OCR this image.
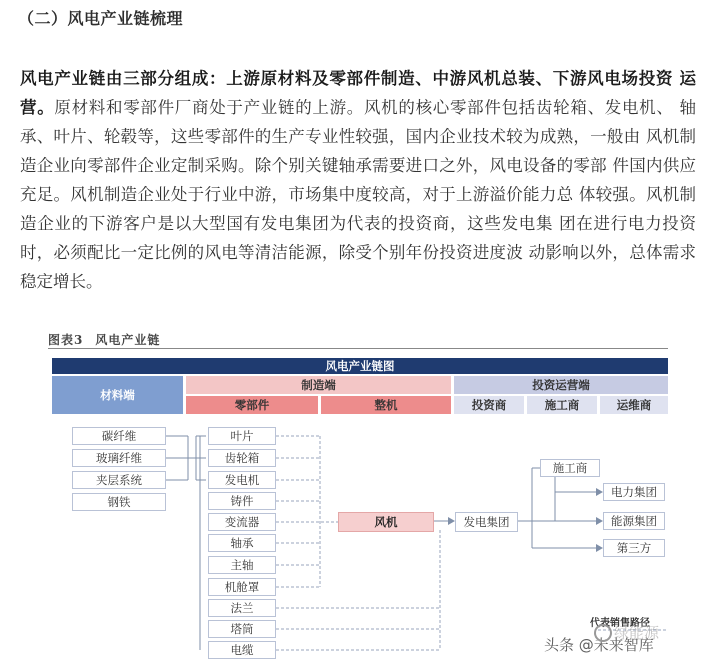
（二）风电产业链梳理
风电产业链由三部分组成：上游原材料及零部件制造、中游风机总装、下游风电场投资 运营。原材料和零部件厂商处于产业链的上游。风机的核心零部件包括齿轮箱、发电机、 轴承、叶片、轮毂等，这些零部件的生产专业性较强，国内企业技术较为成熟，一般由 风机制造企业向零部件企业定制采购。除个别关键轴承需要进口之外，风电设备的零部 件国内供应充足。风机制造企业处于行业中游，市场集中度较高，对于上游溢价能力总 体较强。风机制造企业的下游客户是以大型国有发电集团为代表的投资商，这些发电集 团在进行电力投资时，必须配比一定比例的风电等清洁能源，除受个别年份投资进度波 动影响以外，总体需求稳定增长。
图表3 风电产业链
风电产业链图
材料端
制造端	投资运营端
零部件	整机	投资商	施工商	运维商
碳纤维
玻璃纤维
夹层系统
钢铁
叶片
齿轮箱
发电机
铸件
变流器
轴承
主轴
机舱罩
法兰
塔筒
电缆
风机	发电集团
施工商
电力集团
能源集团
第三方
代表销售路径
头条 @未来智库
绿能源
